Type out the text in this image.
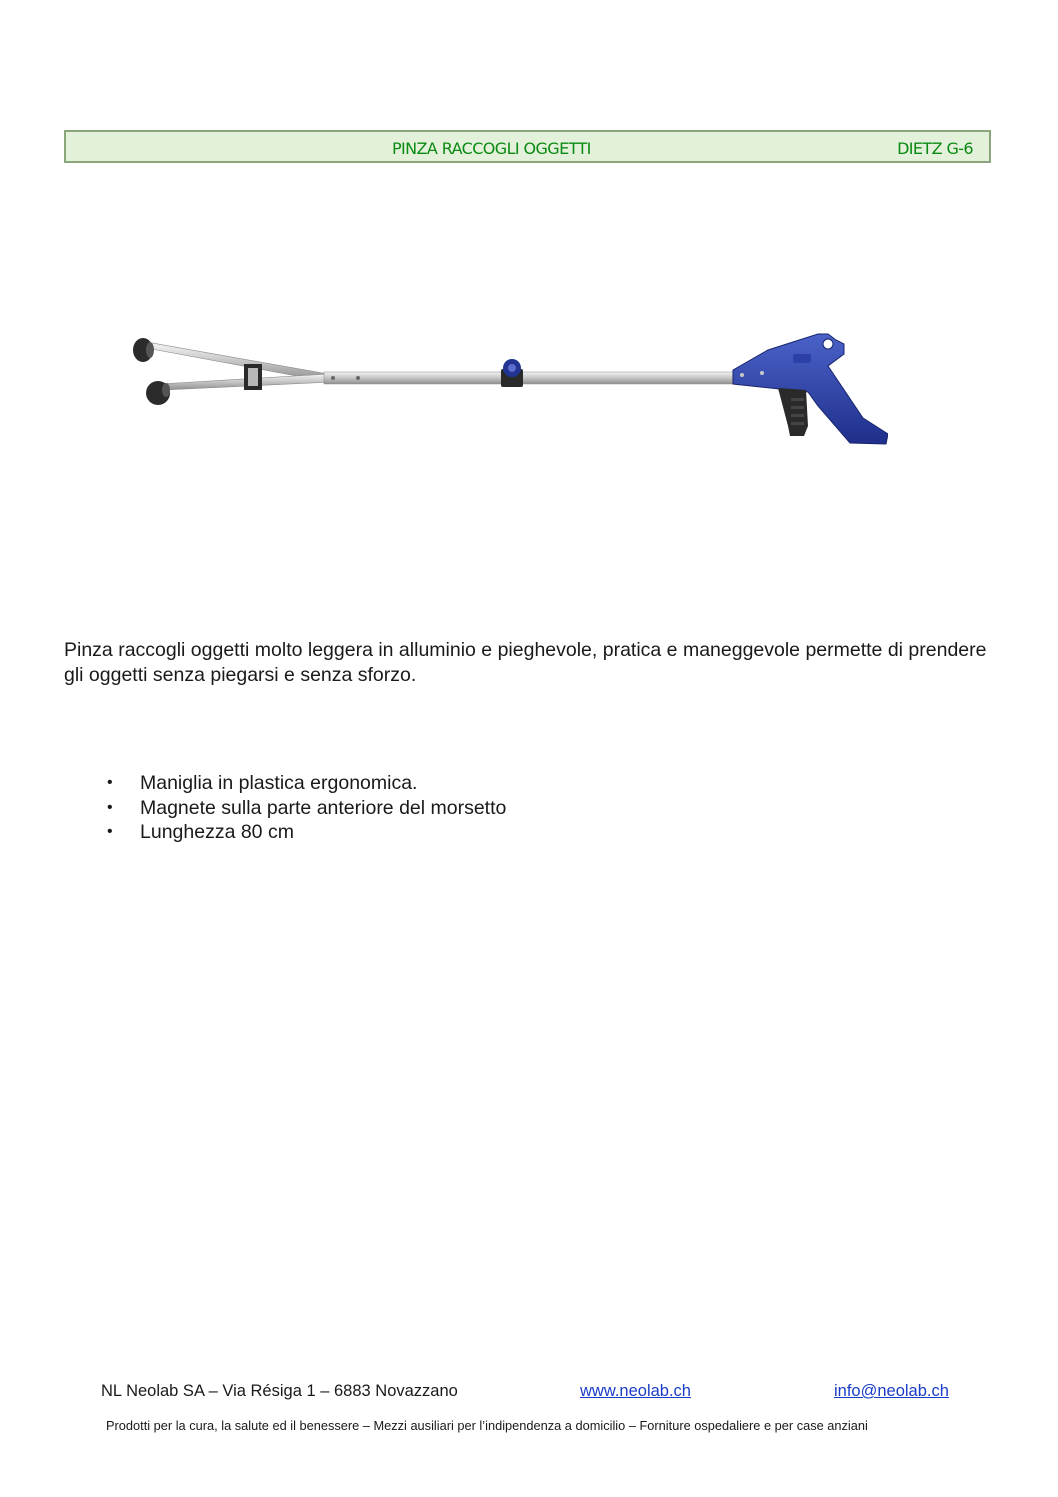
PINZA RACCOGLI OGGETTI	DIETZ G-6

Pinza raccogli oggetti molto leggera in alluminio e pieghevole, pratica e maneggevole permette di prendere gli oggetti senza piegarsi e senza sforzo.

• Maniglia in plastica ergonomica.
• Magnete sulla parte anteriore del morsetto
• Lunghezza 80 cm
NL Neolab SA – Via Résiga 1 – 6883 Novazzano	www.neolab.ch	info@neolab.ch
Prodotti per la cura, la salute ed il benessere – Mezzi ausiliari per l’indipendenza a domicilio – Forniture ospedaliere e per case anziani
